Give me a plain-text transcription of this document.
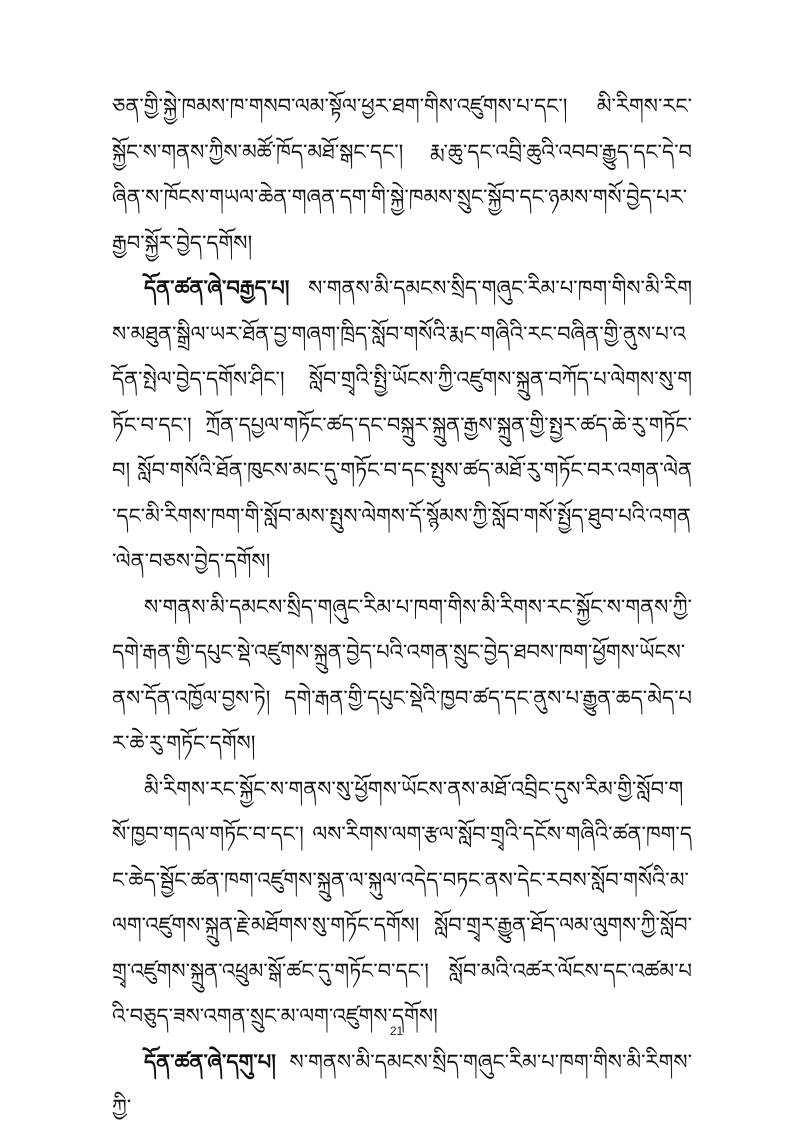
ཅན་གྱི་སྐྱེ་ཁམས་ཁ་གསབ་ལམ་སྟོལ་ཕྱར་ཐག་གིས་འཛུགས་པ་དང་། མི་རིགས་རང་སྐྱོང་ས་གནས་ཀྱིས་མཚོ་ཁོད་མཐོ་སྒང་དང་། རྨ་ཆུ་དང་འབྲི་ཆུའི་འབབ་རྒྱུད་དང་དེ་བཞིན་ས་ཁོངས་གཡལ་ཆེན་གཞན་དག་གི་སྐྱེ་ཁམས་སྲུང་སྐྱོབ་དང་ཉམས་གསོ་བྱེད་པར་རྒྱབ་སྐྱོར་བྱེད་དགོས།

དོན་ཚན་ཞེ་བརྒྱད་པ། ས་གནས་མི་དམངས་སྲིད་གཞུང་རིམ་པ་ཁག་གིས་མི་རིགས་མཐུན་སྒྲིལ་ཡར་ཐོན་བྱ་གཞག་ཁྲིད་སློབ་གསོའི་རྨང་གཞིའི་རང་བཞིན་གྱི་ནུས་པ་འདོན་སྤེལ་བྱེད་དགོས་ཤིང་། སློབ་གྲྭའི་སྤྱི་ཡོངས་ཀྱི་འཛུགས་སྐྲུན་བཀོད་པ་ལེགས་སུ་གཏོང་བ་དང་། ཀྲོན་དཔྱལ་གཏོང་ཚད་དང་བསྐྲུར་སྐྲུན་རྒྱས་སྐྲུན་གྱི་སྤྱར་ཚད་ཆེ་རུ་གཏོང་བ། སློབ་གསོའི་ཐོན་ཁུངས་མང་དུ་གཏོང་བ་དང་སྤུས་ཚད་མཐོ་རུ་གཏོང་བར་འགན་ལེན་དང་མི་རིགས་ཁག་གི་སློབ་མས་སྤུས་ལེགས་དོ་སྙོམས་ཀྱི་སློབ་གསོ་སྤྱོད་ཐུབ་པའི་འགན་ལེན་བཅས་བྱེད་དགོས།

ས་གནས་མི་དམངས་སྲིད་གཞུང་རིམ་པ་ཁག་གིས་མི་རིགས་རང་སྐྱོང་ས་གནས་ཀྱི་དགེ་རྒན་གྱི་དཔུང་སྡེ་འཛུགས་སྐྲུན་བྱེད་པའི་འགན་སྲུང་བྱེད་ཐབས་ཁག་ཕྱོགས་ཡོངས་ནས་དོན་འཁྱོལ་བྱས་ཏེ། དགེ་རྒན་གྱི་དཔུང་སྡེའི་ཁྱབ་ཚད་དང་ནུས་པ་རྒྱུན་ཆད་མེད་པར་ཆེ་རུ་གཏོང་དགོས།

མི་རིགས་རང་སྐྱོང་ས་གནས་སུ་ཕྱོགས་ཡོངས་ནས་མཐོ་འབྲིང་དུས་རིམ་གྱི་སློབ་གསོ་ཁྱབ་གདལ་གཏོང་བ་དང་། ལས་རིགས་ལག་རྩལ་སློབ་གྲྭའི་དངོས་གཞིའི་ཚན་ཁག་དང་ཆེད་སྦྱོང་ཚན་ཁག་འཛུགས་སྐྲུན་ལ་སྐུལ་འདེད་བཏང་ནས་དེང་རབས་སློབ་གསོའི་མ་ལག་འཛུགས་སྐྲུན་རྗེ་མཐོགས་སུ་གཏོང་དགོས། སློབ་གྲྭར་རྒྱུན་ཐོད་ལམ་ལུགས་ཀྱི་སློབ་གྲྭ་འཛུགས་སྐྲུན་འཕྲུམ་སྒོ་ཚང་དུ་གཏོང་བ་དང་། སློབ་མའི་འཚར་ལོངས་དང་འཚམ་པའི་བཅུད་ཟས་འགན་སྲུང་མ་ལག་འཛུགས་དགོས།

དོན་ཚན་ཞེ་དགུ་པ། ས་གནས་མི་དམངས་སྲིད་གཞུང་རིམ་པ་ཁག་གིས་མི་རིགས་ཀྱི་

21
